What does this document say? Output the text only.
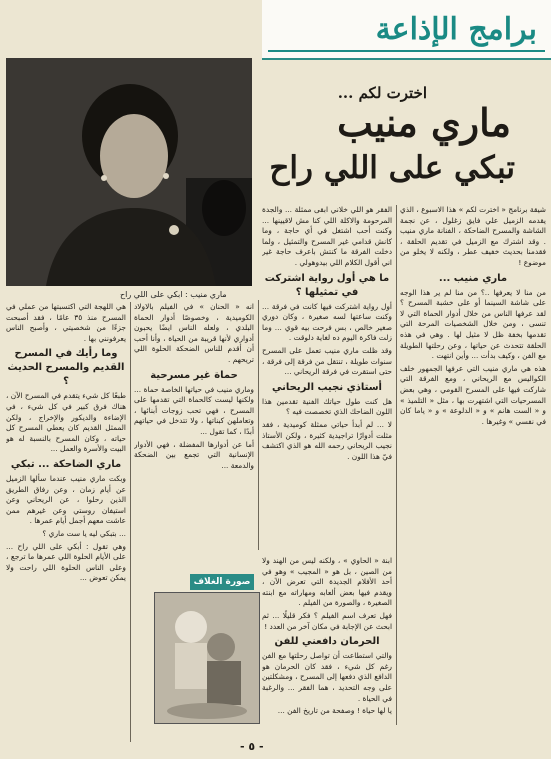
برامج الإذاعة
ماري منيب : ابكي على اللي راح
اخترت لكم ...
ماري منيب
تبكي على اللي راح

شيقة برنامج « اخترت لكم » هذا الاسبوع ، الذي يقدمه الزميل علي فايق زغلول ، عن نجمة الشاشة والمسرح الضاحكة ، الفنانة ماري منيب . وقد اشترك مع الزميل في تقديم الحلقة ، فقدمنا بحديث خفيف عطر ، ولكنه لا يخلو من موضوع !

ماري منيب ...

من منا لا يعرفها ..؟ من منا لم ير هذا الوجه على شاشة السينما أو على خشبة المسرح ؟ لقد عرفها الناس من خلال أدوار الحماة التي لا تنسى ، ومن خلال الشخصيات المرحة التي تقدمها بخفة ظل لا مثيل لها . وهي في هذه الحلقة تتحدث عن حياتها ، وعن رحلتها الطويلة مع الفن ، وكيف بدأت ... وأين انتهت .

هذه هي ماري منيب التي عرفها الجمهور خلف الكواليس مع الريحاني ، ومع الفرقة التي شاركت فيها على المسرح القومي ، وهي بعض المسرحيات التي اشتهرت بها ، مثل « التلميذ » و « الست هانم » و « الدلوعة » و « ياما كان في نفسي » وغيرها .

الفقر هو اللي خلاني ابقى ممثلة ... والجدة المرحومة والاكلة اللي كنا مش لاقيينها ... وكنت أحب اشتغل في أي حاجة ، وما كانش قدامي غير المسرح والتمثيل ، ولما دخلت الفرقة ما كنتش باعرف حاجة غير اني أقول الكلام اللي بيدوهولي .

ما هي أول رواية اشتركت في تمثيلها ؟

أول رواية اشتركت فيها كانت في فرقة ... وكنت ساعتها لسه صغيرة ، وكان دوري صغير خالص ، بس فرحت بيه قوي ... وما زلت فاكرة اليوم ده لغاية دلوقت .

وقد ظلت ماري منيب تعمل على المسرح سنوات طويلة ، تنتقل من فرقة إلى فرقة ، حتى استقرت في فرقة الريحاني ...

أستاذي نجيب الريحاني

هل كنت طول حياتك الفنية تقدمين هذا اللون الضاحك الذي تخصصت فيه ؟

لا ... لم أبدأ حياتي ممثلة كوميدية ، فقد مثلت أدوارًا تراجيدية كثيرة ، ولكن الأستاذ نجيب الريحاني رحمه الله هو الذي اكتشف فيّ هذا اللون .

انه « الحنان » في الفيلم بالاولاد الكوميدية ، وخصوصًا أدوار الحماة البلدي ، ولعله الناس ايضًا يحبون أدواري لأنها قريبة من الحياة ، وأنا أحب أن أقدم للناس الضحكة الحلوة اللي تريحهم .

حماة غير مسرحية

وماري منيب في حياتها الخاصة حماة ... ولكنها ليست كالحماة التي تقدمها على المسرح ، فهي تحب زوجات أبنائها ، وتعاملهن كبناتها ، ولا تتدخل في حياتهم أبدًا ، كما تقول ...

أما عن أدوارها المفضلة ، فهي الأدوار الإنسانية التي تجمع بين الضحكة والدمعة ...

هي اللهجة التي اكتسبتها من عملي في المسرح منذ ٣٥ عامًا ، فقد أصبحت جزءًا من شخصيتي ، وأصبح الناس يعرفونني بها .

وما رأيك في المسرح القديم والمسرح الحديث ؟

طبعًا كل شيء يتقدم في المسرح الآن ، هناك فرق كبير في كل شيء ، في الإضاءة والديكور والإخراج ، ولكن الممثل القديم كان يعطي المسرح كل حياته ، وكان المسرح بالنسبة له هو البيت والأسرة والعمل ...

ماري الضاحكة ... تبكي

وبكت ماري منيب عندما سألها الزميل عن أيام زمان ، وعن رفاق الطريق الذين رحلوا ، عن الريحاني وعن استيفان روستي وعن غيرهم ممن عاشت معهم أجمل أيام عمرها .

... بتبكي ليه يا ست ماري ؟

وهي تقول : أبكي على اللي راح ... على الأيام الحلوة اللي عمرها ما ترجع ، وعلى الناس الحلوة اللي راحت ولا يمكن تعوض ...	صورة الغلاف

ابنة « الحاوي » ، ولكنه ليس من الهند ولا من الصين ، بل هو « المجيب » وهو في أحد الأفلام الجديدة التي تعرض الآن ، ويقدم فيها بعض ألعابه ومهاراته مع ابنته الصغيرة ، والصورة من الفيلم .

فهل تعرف اسم الفيلم ؟ فكر قليلًا ... ثم ابحث عن الإجابة في مكان آخر من العدد !

الحرمان دافعني للفن

والتي استطاعت أن تواصل رحلتها مع الفن رغم كل شيء ، فقد كان الحرمان هو الدافع الذي دفعها إلى المسرح ، ومشكلتين على وجه التحديد ، هما الفقر ... والرغبة في الحياة .

يا لها حياة ! وصفحة من تاريخ الفن ...

- ٥ -
